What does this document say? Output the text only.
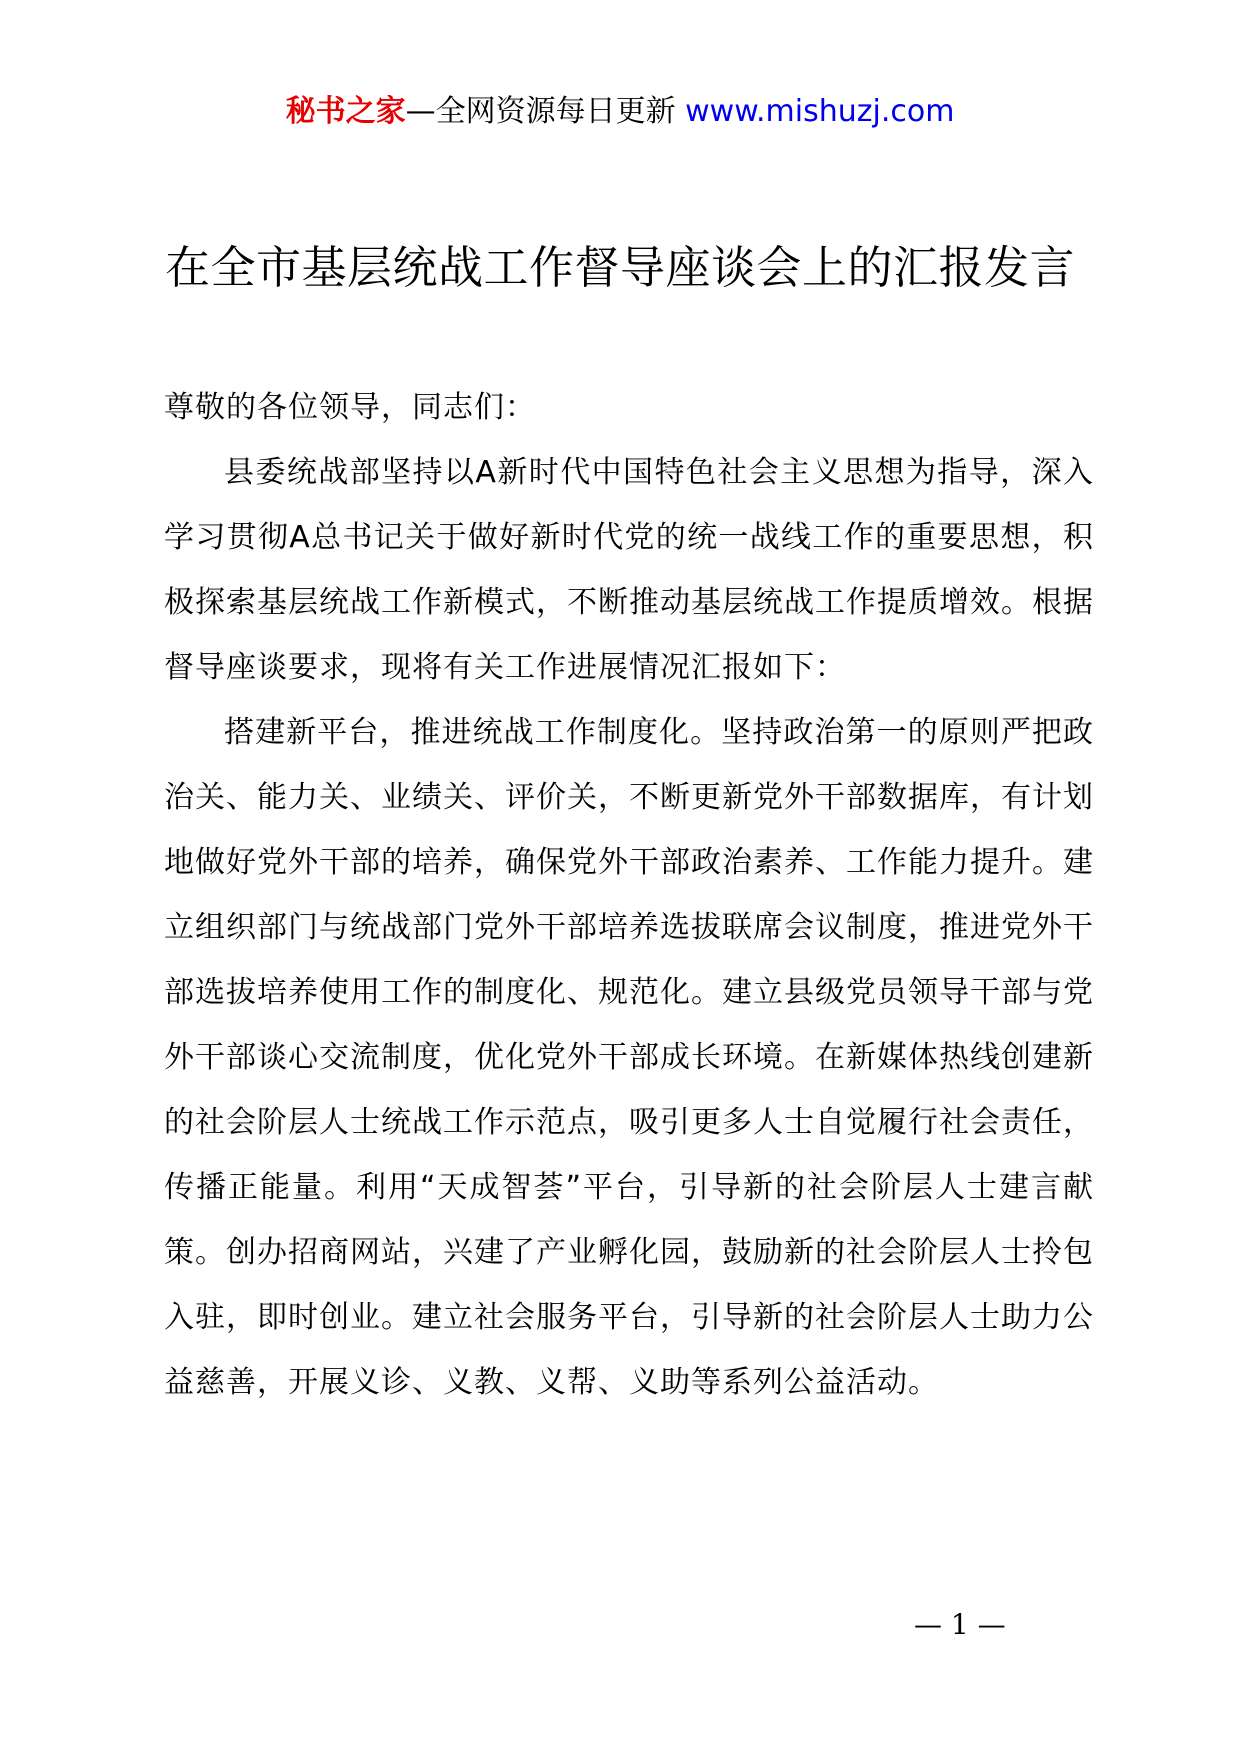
秘书之家—全网资源每日更新 www.mishuzj.com
在全市基层统战工作督导座谈会上的汇报发言

尊敬的各位领导，同志们：

县委统战部坚持以A新时代中国特色社会主义思想为指导，深入学习贯彻A总书记关于做好新时代党的统一战线工作的重要思想，积极探索基层统战工作新模式，不断推动基层统战工作提质增效。根据督导座谈要求，现将有关工作进展情况汇报如下：

搭建新平台，推进统战工作制度化。坚持政治第一的原则严把政治关、能力关、业绩关、评价关，不断更新党外干部数据库，有计划地做好党外干部的培养，确保党外干部政治素养、工作能力提升。建立组织部门与统战部门党外干部培养选拔联席会议制度，推进党外干部选拔培养使用工作的制度化、规范化。建立县级党员领导干部与党外干部谈心交流制度，优化党外干部成长环境。在新媒体热线创建新的社会阶层人士统战工作示范点，吸引更多人士自觉履行社会责任，传播正能量。利用“天成智荟”平台，引导新的社会阶层人士建言献策。创办招商网站，兴建了产业孵化园，鼓励新的社会阶层人士拎包入驻，即时创业。建立社会服务平台，引导新的社会阶层人士助力公益慈善，开展义诊、义教、义帮、义助等系列公益活动。

— 1 —
